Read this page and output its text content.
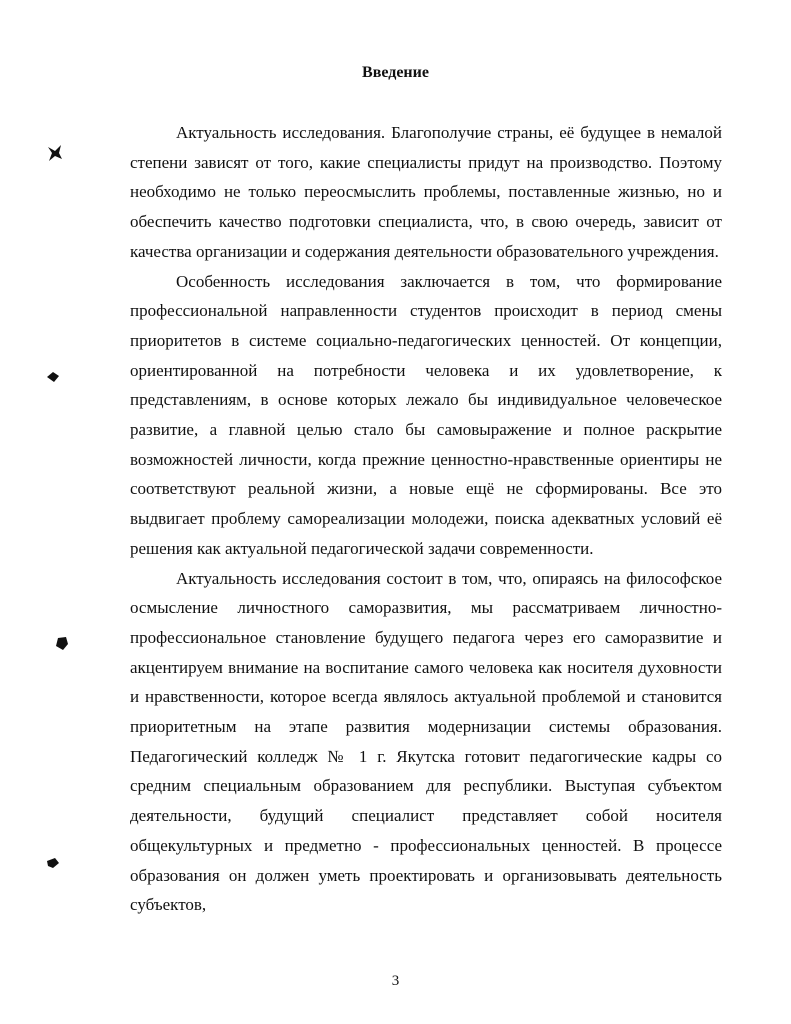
Введение

Актуальность исследования. Благополучие страны, её будущее в немалой степени зависят от того, какие специалисты придут на производство. Поэтому необходимо не только переосмыслить проблемы, поставленные жизнью, но и обеспечить качество подготовки специалиста, что, в свою очередь, зависит от качества организации и содержания деятельности образовательного учреждения.

Особенность исследования заключается в том, что формирование профессиональной направленности студентов происходит в период смены приоритетов в системе социально-педагогических ценностей. От концепции, ориентированной на потребности человека и их удовлетворение, к представлениям, в основе которых лежало бы индивидуальное человеческое развитие, а главной целью стало бы самовыражение и полное раскрытие возможностей личности, когда прежние ценностно-нравственные ориентиры не соответствуют реальной жизни, а новые ещё не сформированы. Все это выдвигает проблему самореализации молодежи, поиска адекватных условий её решения как актуальной педагогической задачи современности.

Актуальность исследования состоит в том, что, опираясь на философское осмысление личностного саморазвития, мы рассматриваем личностно-профессиональное становление будущего педагога через его саморазвитие и акцентируем внимание на воспитание самого человека как носителя духовности и нравственности, которое всегда являлось актуальной проблемой и становится приоритетным на этапе развития модернизации системы образования. Педагогический колледж № 1 г. Якутска готовит педагогические кадры со средним специальным образованием для республики. Выступая субъектом деятельности, будущий специалист представляет собой носителя общекультурных и предметно - профессиональных ценностей. В процессе образования он должен уметь проектировать и организовывать деятельность субъектов,

3
